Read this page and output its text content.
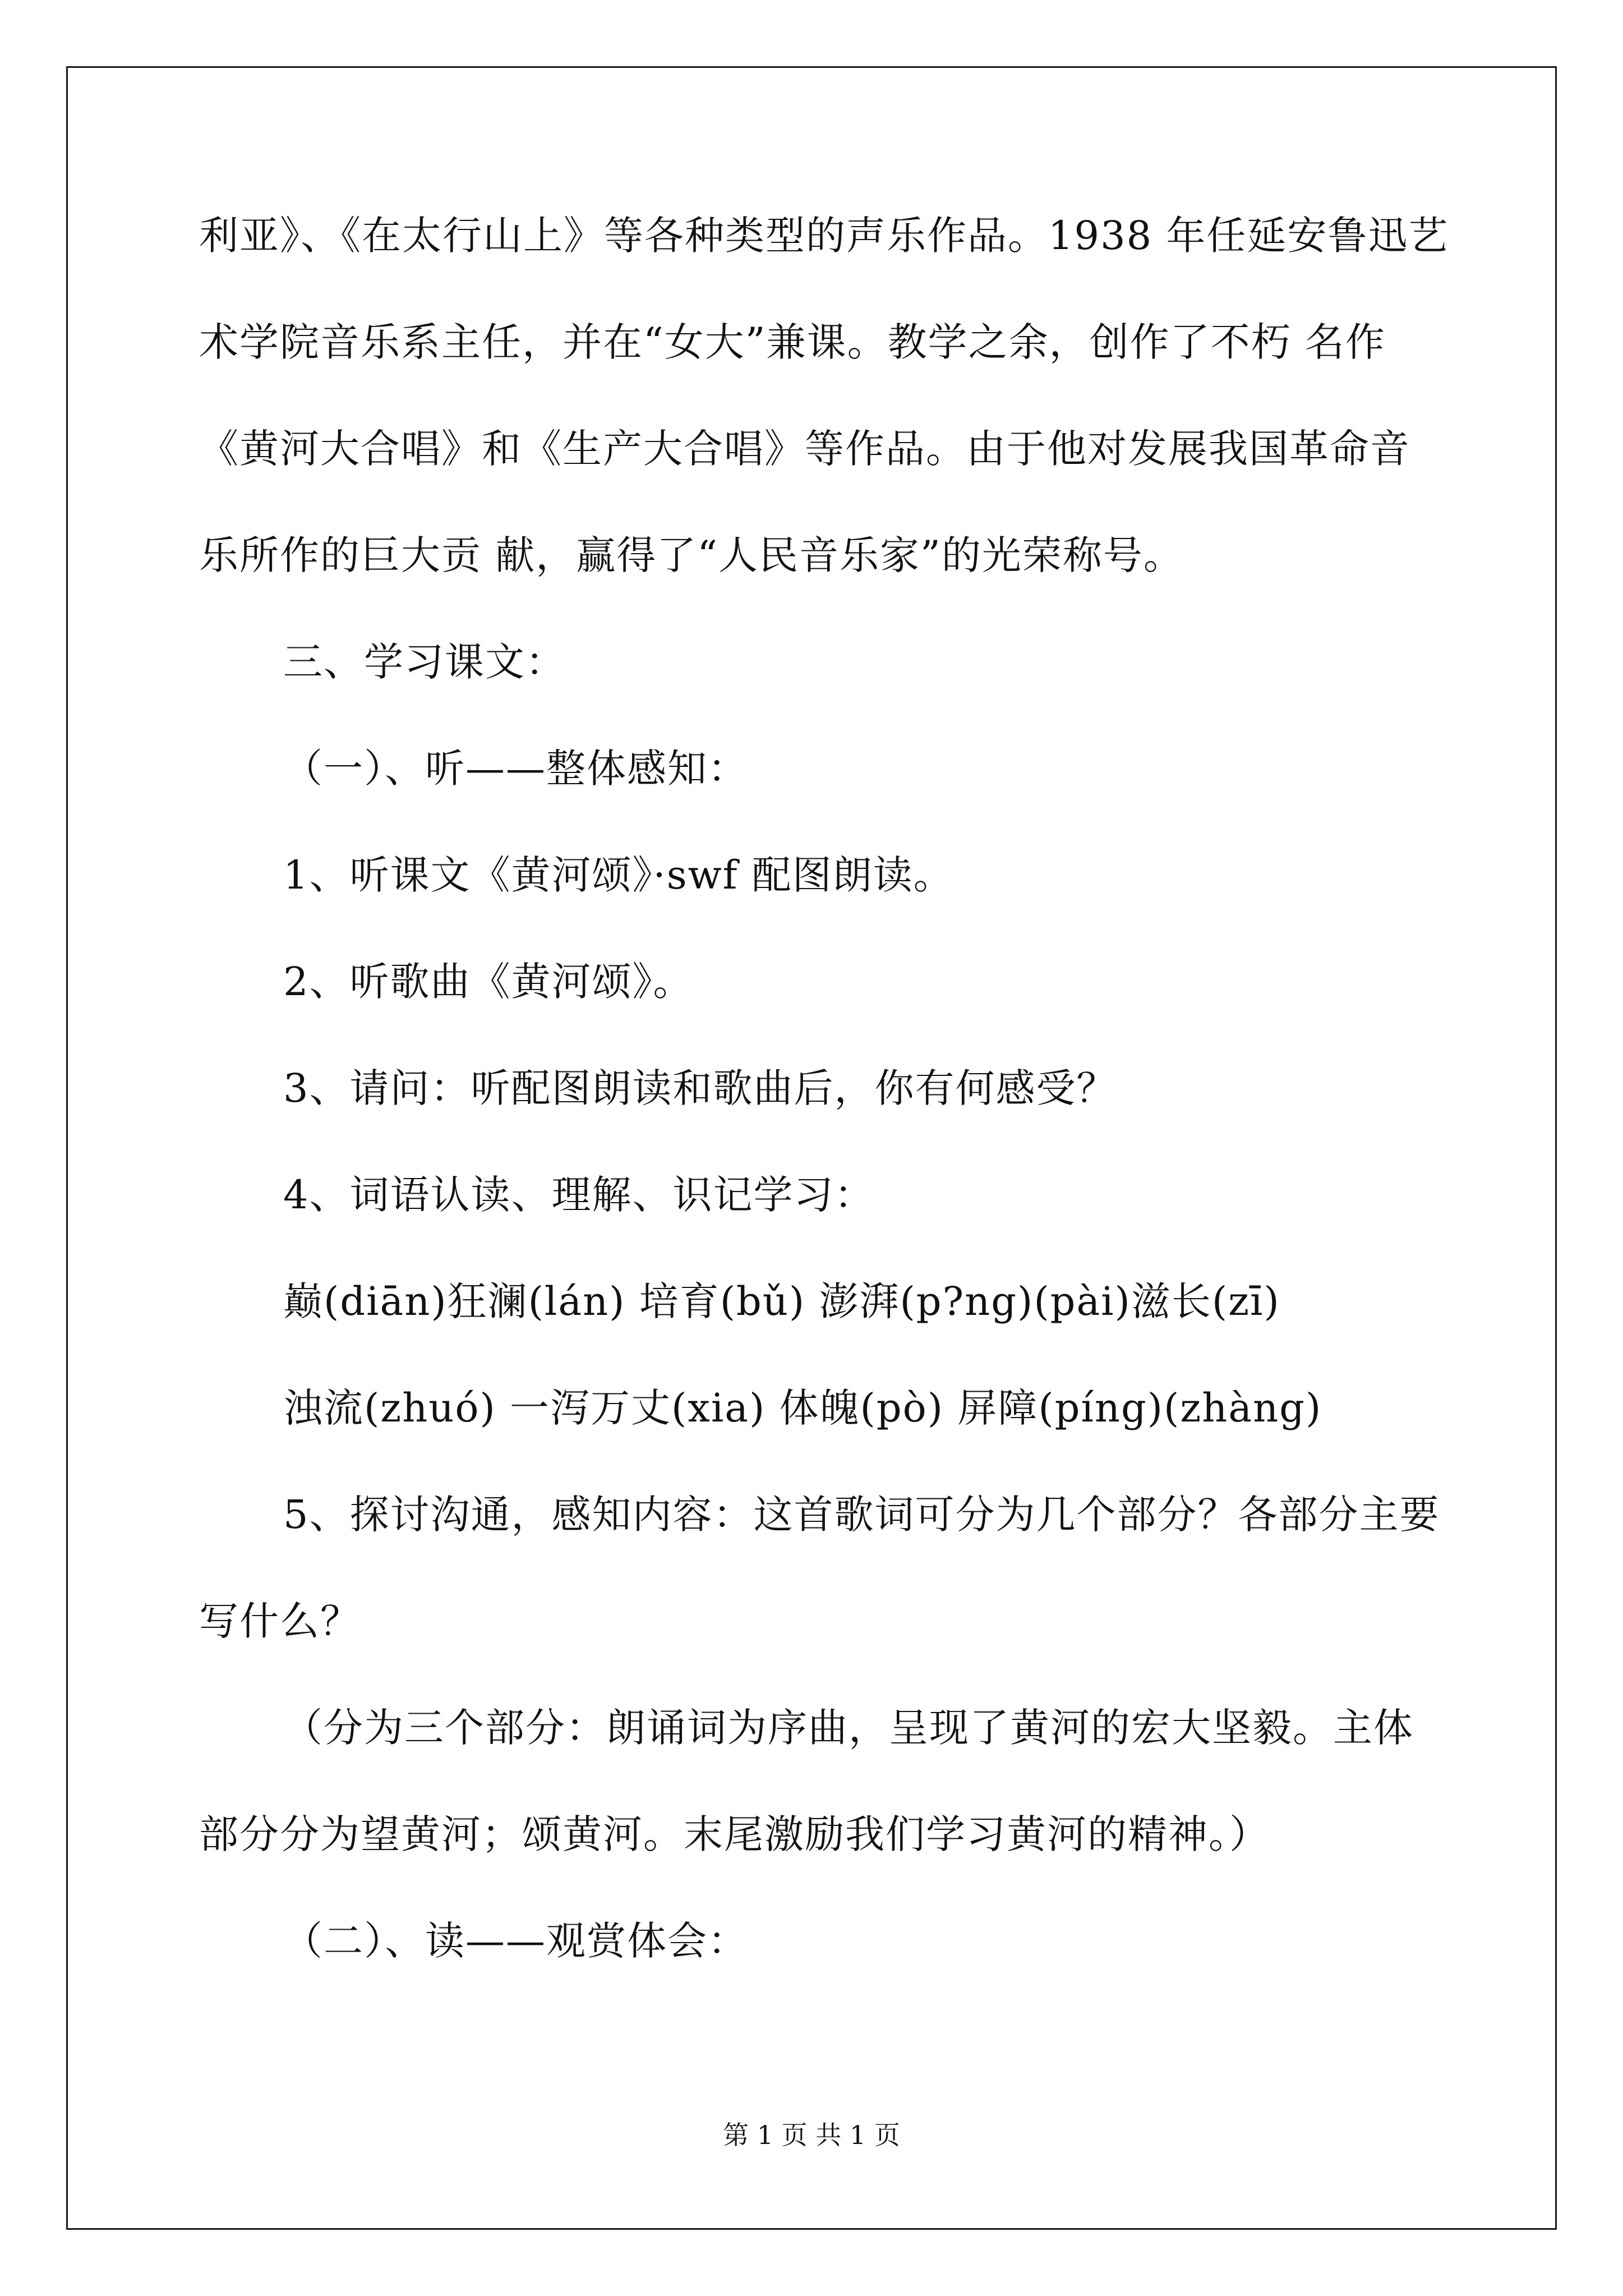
利亚》、《在太行山上》等各种类型的声乐作品。1938 年任延安鲁迅艺
术学院音乐系主任，并在“女大”兼课。教学之余，创作了不朽 名作
《黄河大合唱》和《生产大合唱》等作品。由于他对发展我国革命音
乐所作的巨大贡 献，赢得了“人民音乐家”的光荣称号。
三、学习课文：
（一）、听——整体感知：
1、听课文《黄河颂》·swf 配图朗读。
2、听歌曲《黄河颂》。
3、请问：听配图朗读和歌曲后，你有何感受？
4、词语认读、理解、识记学习：
巅(diān)狂澜(lán) 培育(bǔ) 澎湃(p?ng)(pài)滋长(zī)
浊流(zhuó) 一泻万丈(xia) 体魄(pò) 屏障(píng)(zhàng)
5、探讨沟通，感知内容：这首歌词可分为几个部分？各部分主要
写什么？
（分为三个部分：朗诵词为序曲，呈现了黄河的宏大坚毅。主体
部分分为望黄河；颂黄河。末尾激励我们学习黄河的精神。）
（二）、读——观赏体会：
第 1 页 共 1 页
